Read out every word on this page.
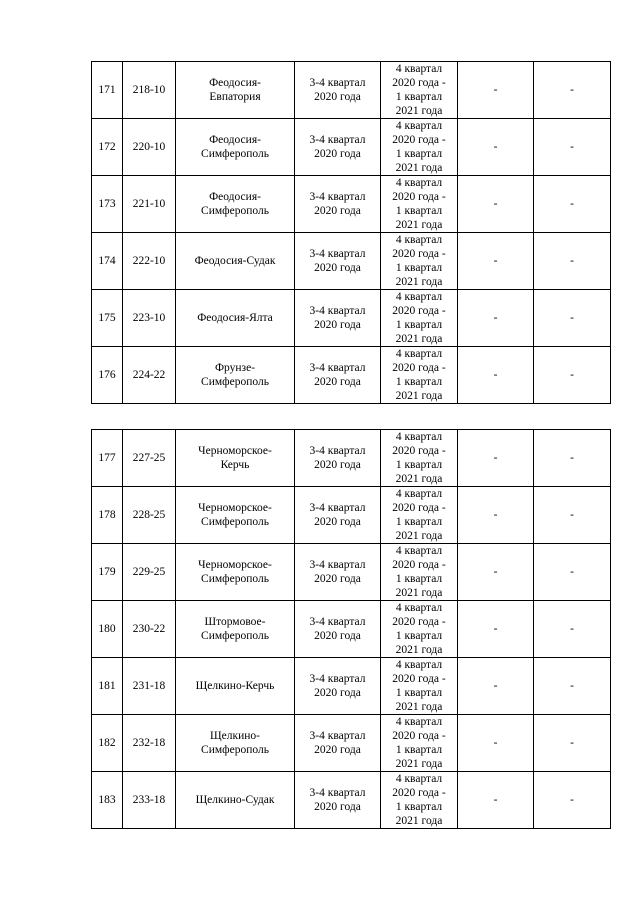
171	218-10	Феодосия-
Евпатория	3-4 квартал
2020 года	4 квартал
2020 года -
1 квартал
2021 года	-	-
172	220-10	Феодосия-
Симферополь	3-4 квартал
2020 года	4 квартал
2020 года -
1 квартал
2021 года	-	-
173	221-10	Феодосия-
Симферополь	3-4 квартал
2020 года	4 квартал
2020 года -
1 квартал
2021 года	-	-
174	222-10	Феодосия-Судак	3-4 квартал
2020 года	4 квартал
2020 года -
1 квартал
2021 года	-	-
175	223-10	Феодосия-Ялта	3-4 квартал
2020 года	4 квартал
2020 года -
1 квартал
2021 года	-	-
176	224-22	Фрунзе-
Симферополь	3-4 квартал
2020 года	4 квартал
2020 года -
1 квартал
2021 года	-	-
177	227-25	Черноморское-
Керчь	3-4 квартал
2020 года	4 квартал
2020 года -
1 квартал
2021 года	-	-
178	228-25	Черноморское-
Симферополь	3-4 квартал
2020 года	4 квартал
2020 года -
1 квартал
2021 года	-	-
179	229-25	Черноморское-
Симферополь	3-4 квартал
2020 года	4 квартал
2020 года -
1 квартал
2021 года	-	-
180	230-22	Штормовое-
Симферополь	3-4 квартал
2020 года	4 квартал
2020 года -
1 квартал
2021 года	-	-
181	231-18	Щелкино-Керчь	3-4 квартал
2020 года	4 квартал
2020 года -
1 квартал
2021 года	-	-
182	232-18	Щелкино-
Симферополь	3-4 квартал
2020 года	4 квартал
2020 года -
1 квартал
2021 года	-	-
183	233-18	Щелкино-Судак	3-4 квартал
2020 года	4 квартал
2020 года -
1 квартал
2021 года	-	-
